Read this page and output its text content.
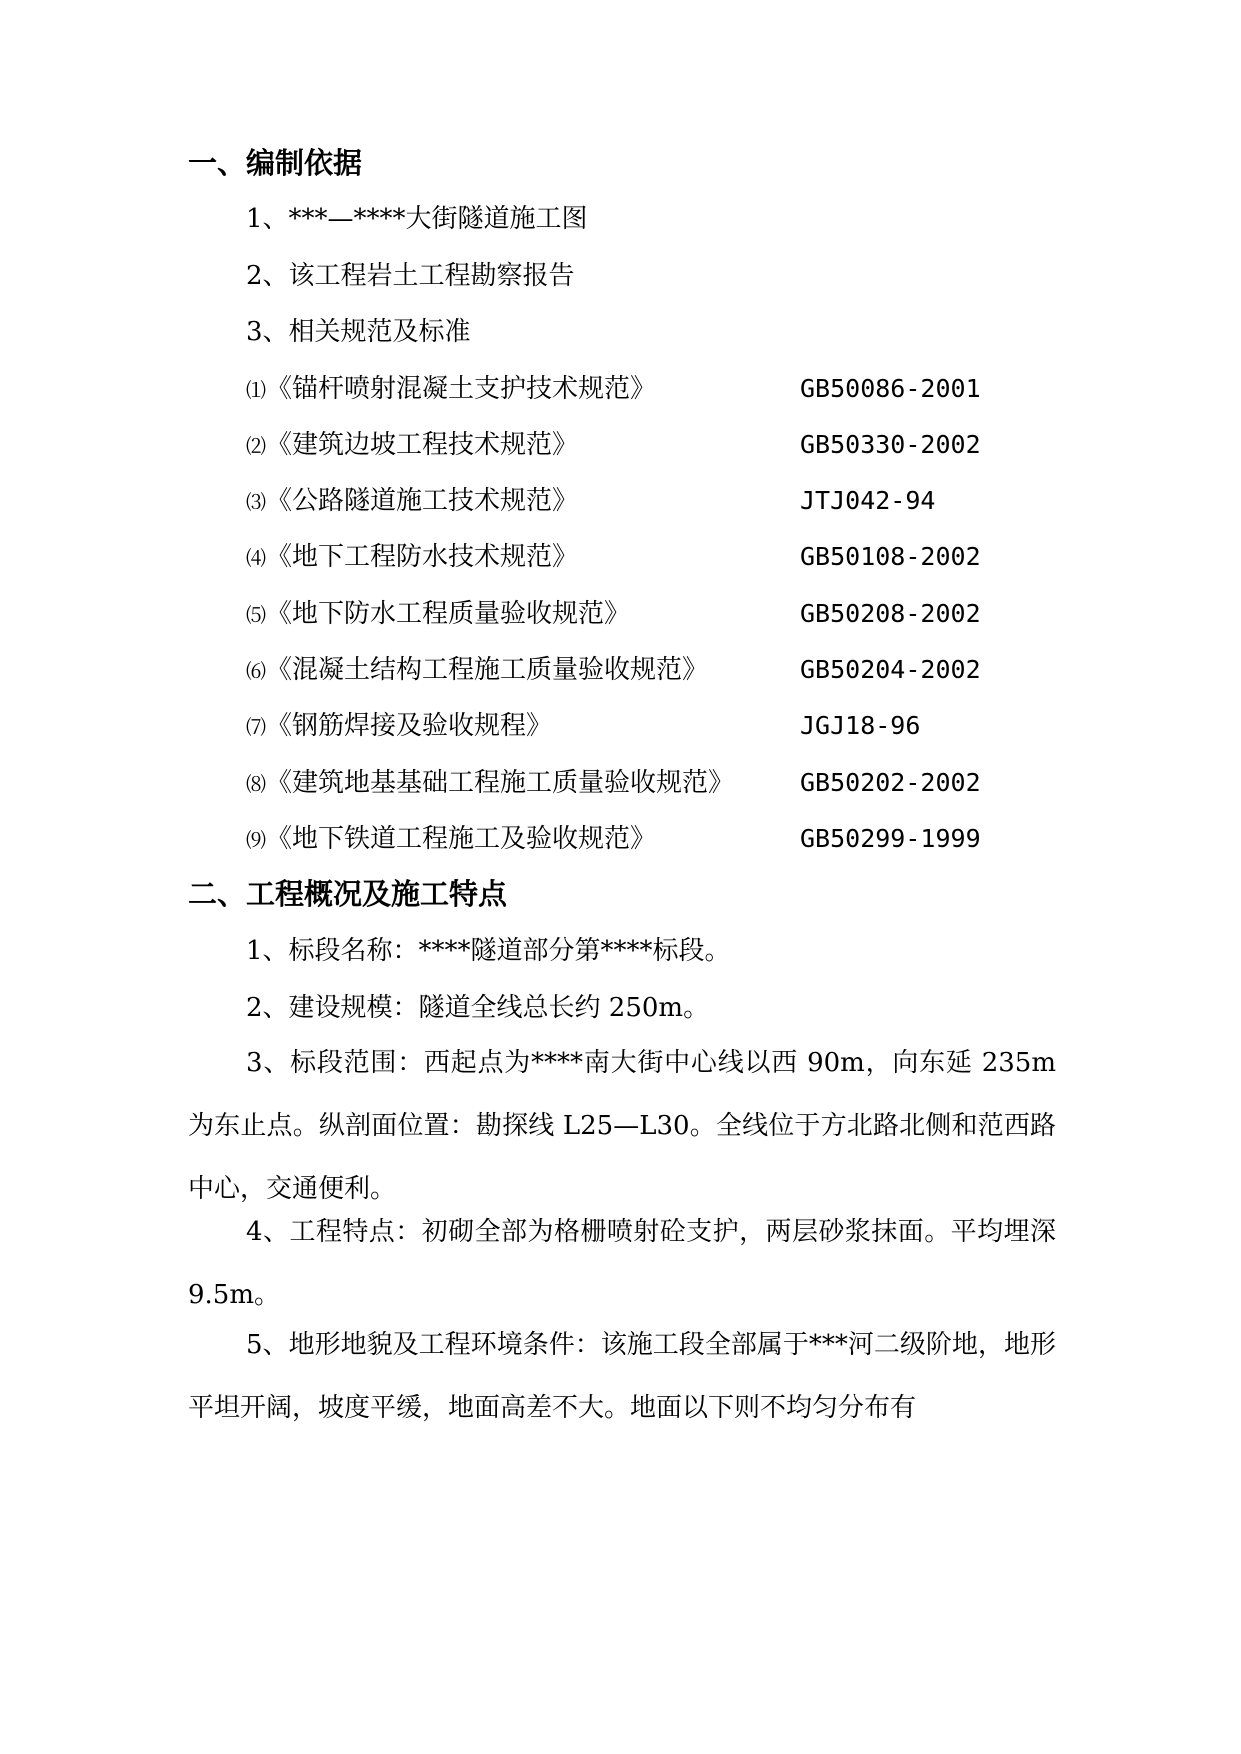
一、编制依据
1、***—****大街隧道施工图
2、该工程岩土工程勘察报告
3、相关规范及标准
⑴《锚杆喷射混凝土支护技术规范》	GB50086-2001
⑵《建筑边坡工程技术规范》	GB50330-2002
⑶《公路隧道施工技术规范》	JTJ042-94
⑷《地下工程防水技术规范》	GB50108-2002
⑸《地下防水工程质量验收规范》	GB50208-2002
⑹《混凝土结构工程施工质量验收规范》	GB50204-2002
⑺《钢筋焊接及验收规程》	JGJ18-96
⑻《建筑地基基础工程施工质量验收规范》	GB50202-2002
⑼《地下铁道工程施工及验收规范》	GB50299-1999
二、工程概况及施工特点
1、标段名称：****隧道部分第****标段。
2、建设规模：隧道全线总长约 250m。
3、标段范围：西起点为****南大街中心线以西 90m，向东延 235m为东止点。纵剖面位置：勘探线 L25—L30。全线位于方北路北侧和范西路中心，交通便利。
4、工程特点：初砌全部为格栅喷射砼支护，两层砂浆抹面。平均埋深 9.5m。
5、地形地貌及工程环境条件：该施工段全部属于***河二级阶地，地形平坦开阔，坡度平缓，地面高差不大。地面以下则不均匀分布有
